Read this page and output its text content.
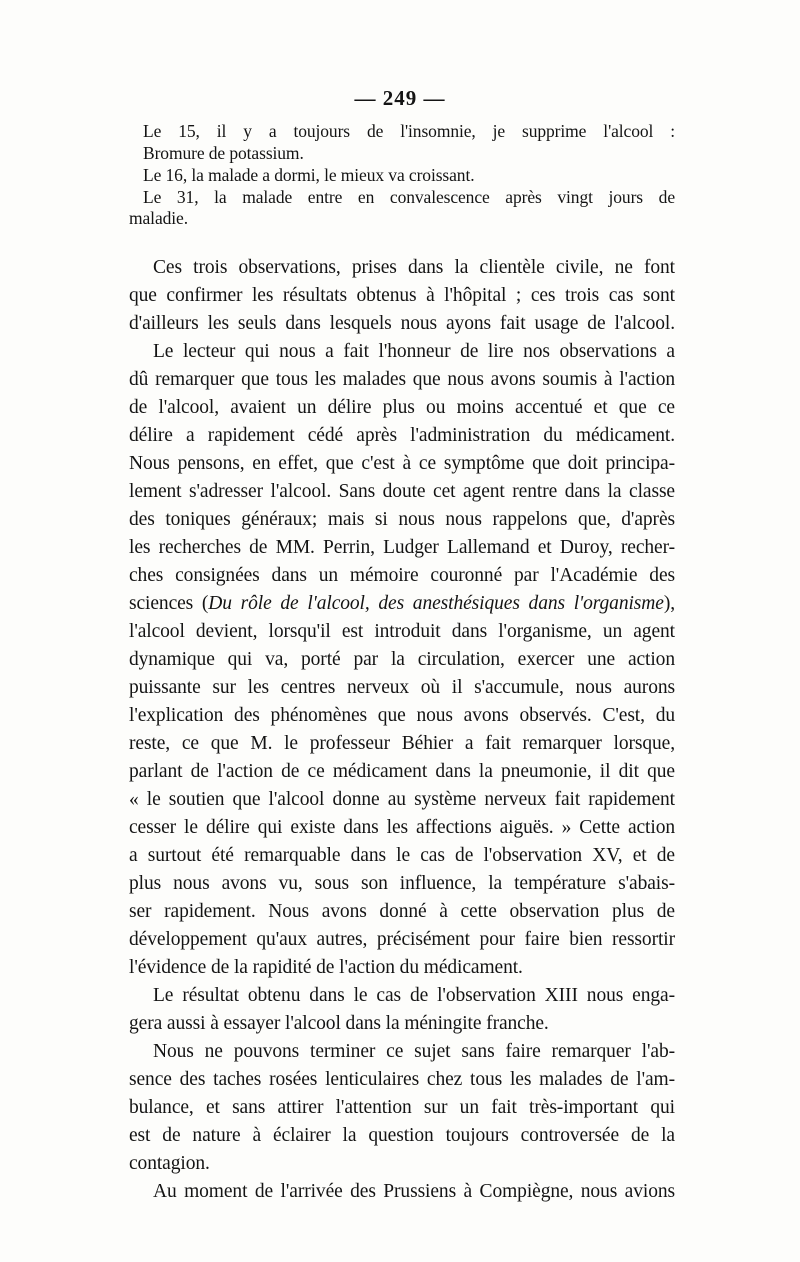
— 249 —

Le 15, il y a toujours de l'insomnie, je supprime l'alcool :

Bromure de potassium.

Le 16, la malade a dormi, le mieux va croissant.

Le 31, la malade entre en convalescence après vingt jours de

maladie.

Ces trois observations, prises dans la clientèle civile, ne font

que confirmer les résultats obtenus à l'hôpital ; ces trois cas sont

d'ailleurs les seuls dans lesquels nous ayons fait usage de l'alcool.

Le lecteur qui nous a fait l'honneur de lire nos observations a

dû remarquer que tous les malades que nous avons soumis à l'action

de l'alcool, avaient un délire plus ou moins accentué et que ce

délire a rapidement cédé après l'administration du médicament.

Nous pensons, en effet, que c'est à ce symptôme que doit principa-

lement s'adresser l'alcool. Sans doute cet agent rentre dans la classe

des toniques généraux; mais si nous nous rappelons que, d'après

les recherches de MM. Perrin, Ludger Lallemand et Duroy, recher-

ches consignées dans un mémoire couronné par l'Académie des

sciences (Du rôle de l'alcool, des anesthésiques dans l'organisme),

l'alcool devient, lorsqu'il est introduit dans l'organisme, un agent

dynamique qui va, porté par la circulation, exercer une action

puissante sur les centres nerveux où il s'accumule, nous aurons

l'explication des phénomènes que nous avons observés. C'est, du

reste, ce que M. le professeur Béhier a fait remarquer lorsque,

parlant de l'action de ce médicament dans la pneumonie, il dit que

« le soutien que l'alcool donne au système nerveux fait rapidement

cesser le délire qui existe dans les affections aiguës. » Cette action

a surtout été remarquable dans le cas de l'observation XV, et de

plus nous avons vu, sous son influence, la température s'abais-

ser rapidement. Nous avons donné à cette observation plus de

développement qu'aux autres, précisément pour faire bien ressortir

l'évidence de la rapidité de l'action du médicament.

Le résultat obtenu dans le cas de l'observation XIII nous enga-

gera aussi à essayer l'alcool dans la méningite franche.

Nous ne pouvons terminer ce sujet sans faire remarquer l'ab-

sence des taches rosées lenticulaires chez tous les malades de l'am-

bulance, et sans attirer l'attention sur un fait très-important qui

est de nature à éclairer la question toujours controversée de la

contagion.

Au moment de l'arrivée des Prussiens à Compiègne, nous avions
